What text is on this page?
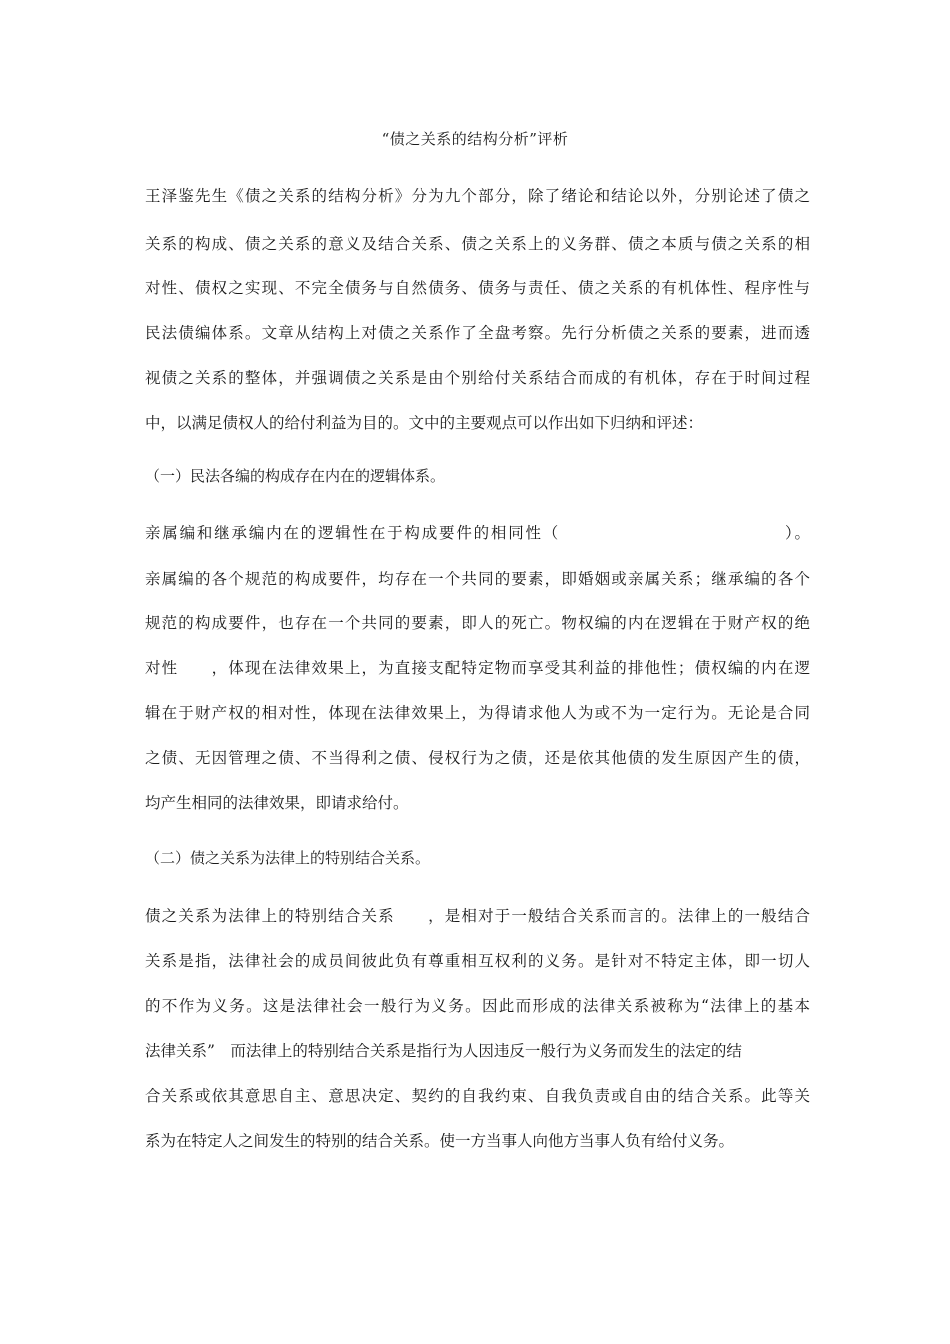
“债之关系的结构分析”评析
王泽鉴先生《债之关系的结构分析》分为九个部分，除了绪论和结论以外，分别论述了债之
关系的构成、债之关系的意义及结合关系、债之关系上的义务群、债之本质与债之关系的相
对性、债权之实现、不完全债务与自然债务、债务与责任、债之关系的有机体性、程序性与
民法债编体系。文章从结构上对债之关系作了全盘考察。先行分析债之关系的要素，进而透
视债之关系的整体，并强调债之关系是由个别给付关系结合而成的有机体，存在于时间过程
中，以满足债权人的给付利益为目的。文中的主要观点可以作出如下归纳和评述：
（一）民法各编的构成存在内在的逻辑体系。
亲属编和继承编内在的逻辑性在于构成要件的相同性（　　　　　　　　　　　　　）。
亲属编的各个规范的构成要件，均存在一个共同的要素，即婚姻或亲属关系；继承编的各个
规范的构成要件，也存在一个共同的要素，即人的死亡。物权编的内在逻辑在于财产权的绝
对性　　，体现在法律效果上，为直接支配特定物而享受其利益的排他性；债权编的内在逻
辑在于财产权的相对性，体现在法律效果上，为得请求他人为或不为一定行为。无论是合同
之债、无因管理之债、不当得利之债、侵权行为之债，还是依其他债的发生原因产生的债，
均产生相同的法律效果，即请求给付。
（二）债之关系为法律上的特别结合关系。
债之关系为法律上的特别结合关系　　，是相对于一般结合关系而言的。法律上的一般结合
关系是指，法律社会的成员间彼此负有尊重相互权利的义务。是针对不特定主体，即一切人
的不作为义务。这是法律社会一般行为义务。因此而形成的法律关系被称为“法律上的基本
法律关系”　而法律上的特别结合关系是指行为人因违反一般行为义务而发生的法定的结
合关系或依其意思自主、意思决定、契约的自我约束、自我负责或自由的结合关系。此等关
系为在特定人之间发生的特别的结合关系。使一方当事人向他方当事人负有给付义务。
